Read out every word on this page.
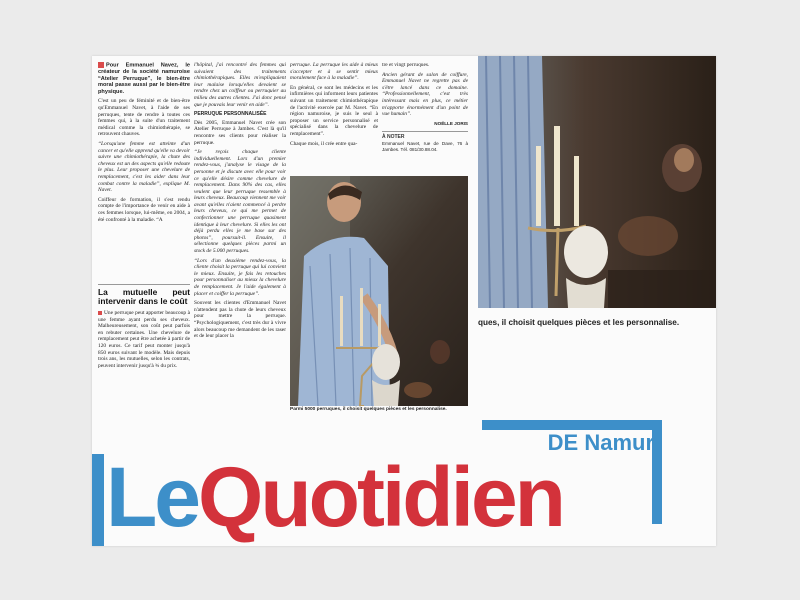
Pour Emmanuel Navez, le créateur de la société namuroise “Atelier Perruque”, le bien-être moral passe aussi par le bien-être physique.

C'est un peu de féminité et de bien-être qu'Emmanuel Navet, à l'aide de ses perruques, tente de rendre à toutes ces femmes qui, à la suite d'un traitement médical comme la chimiothérapie, se retrouvent chauves.

“Lorsqu'une femme est atteinte d'un cancer et qu'elle apprend qu'elle va devoir suivre une chimiothérapie, la chute des cheveux est un des aspects qu'elle redoute le plus. Leur proposer une chevelure de remplacement, c'est les aider dans leur combat contre la maladie”, explique M. Navet.

Coiffeur de formation, il s'est rendu compte de l'importance de venir en aide à ces femmes lorsque, lui-même, en 2004, a été confronté à la maladie. “A

La mutuelle peut intervenir dans le coût

Une perruque peut apporter beaucoup à une femme ayant perdu ses cheveux. Malheureusement, son coût peut parfois en rebuter certaines. Une chevelure de remplacement peut être achetée à partir de 120 euros. Ce tarif peut monter jusqu'à 850 euros suivant le modèle. Mais depuis trois ans, les mutuelles, selon les contrats, peuvent intervenir jusqu'à ¾ du prix.

l'hôpital, j'ai rencontré des femmes qui suivaient des traitements chimiothérapiques. Elles m'expliquaient leur malaise lorsqu'elles devaient se rendre chez un coiffeur ou perruquier au milieu des autres clientes. J'ai donc pensé que je pouvais leur venir en aide”.

PERRUQUE PERSONNALISÉE

Dès 2005, Emmanuel Navet crée son Atelier Perruque à Jambes. C'est là qu'il rencontre ses clients pour réaliser la perruque.

“Je reçois chaque cliente individuellement. Lors d'un premier rendez-vous, j'analyse le visage de la personne et je discute avec elle pour voir ce qu'elle désire comme chevelure de remplacement. Dans 90% des cas, elles veulent que leur perruque ressemble à leurs cheveux. Beaucoup viennent me voir avant qu'elles n'aient commencé à perdre leurs cheveux, ce qui me permet de confectionner une perruque quasiment identique à leur chevelure. Si elles les ont déjà perdu elles je me base sur des photos”, poursuit-il. Ensuite, il sélectionne quelques pièces parmi un stock de 5.000 perruques.

“Lors d'un deuxième rendez-vous, la cliente choisit la perruque qui lui convient le mieux. Ensuite, je fais les retouches pour personnaliser au mieux la chevelure de remplacement. Je l'aide également à placer et coiffer la perruque”.

Souvent les clientes d'Emmanuel Navet n'attendent pas la chute de leurs cheveux pour mettre la perruque. “Psychologiquement, c'est très dur à vivre alors beaucoup me demandent de les raser et de leur placer la

perruque. La perruque les aide à mieux s'accepter et à se sentir mieux moralement face à la maladie”.

En général, ce sont les médecins et les infirmières qui informent leurs patientes suivant un traitement chimiothérapique de l'activité exercée par M. Navet. “En région namuroise, je suis le seul à proposer un service personnalisé et spécialisé dans la chevelure de remplacement”.

Chaque mois, il crée entre qua-

tre et vingt perruques.

Ancien gérant de salon de coiffure, Emmanuel Navet ne regrette pas de s'être lancé dans ce domaine. “Professionnellement, c'est très intéressant mais en plus, ce métier m'apporte énormément d'un point de vue humain”.

NOËLLE JORIS
À NOTER
Emmanuel Navet, rue de Dave, 76 à Jambes. Tél. 081/30.88.04.
Parmi 5000 perruques, il choisit quelques pièces et les personnalise.
ques, il choisit quelques pièces et les personnalise.
DE Namur
LeQuotidien
